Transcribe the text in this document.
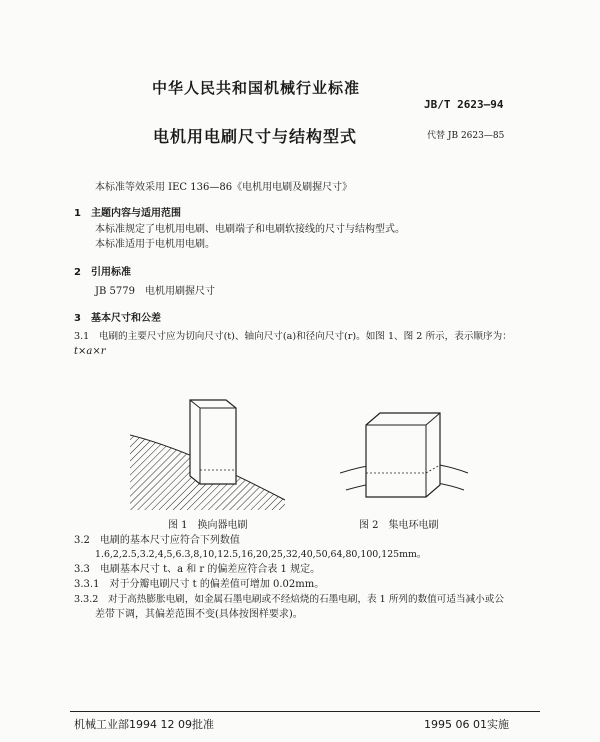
中华人民共和国机械行业标准
JB/T 2623—94
电机用电刷尺寸与结构型式	代替 JB 2623—85
本标准等效采用 IEC 136—86《电机用电刷及刷握尺寸》
1　主题内容与适用范围
本标准规定了电机用电刷、电刷端子和电刷软接线的尺寸与结构型式。
本标准适用于电机用电刷。
2　引用标准
JB 5779　电机用刷握尺寸
3　基本尺寸和公差
3.1　电刷的主要尺寸应为切向尺寸(t)、轴向尺寸(a)和径向尺寸(r)。如图 1、图 2 所示，表示顺序为：
t×a×r
图 1　换向器电刷	图 2　集电环电刷
3.2　电刷的基本尺寸应符合下列数值
1.6,2,2.5,3.2,4,5,6.3,8,10,12.5,16,20,25,32,40,50,64,80,100,125mm。
3.3　电刷基本尺寸 t、a 和 r 的偏差应符合表 1 规定。
3.3.1　对于分瓣电刷尺寸 t 的偏差值可增加 0.02mm。
3.3.2　对于高热膨胀电刷，如金属石墨电刷或不经焙烧的石墨电刷，表 1 所列的数值可适当减小或公
差带下调，其偏差范围不变(具体按图样要求)。
机械工业部1994 12 09批准	1995 06 01实施
